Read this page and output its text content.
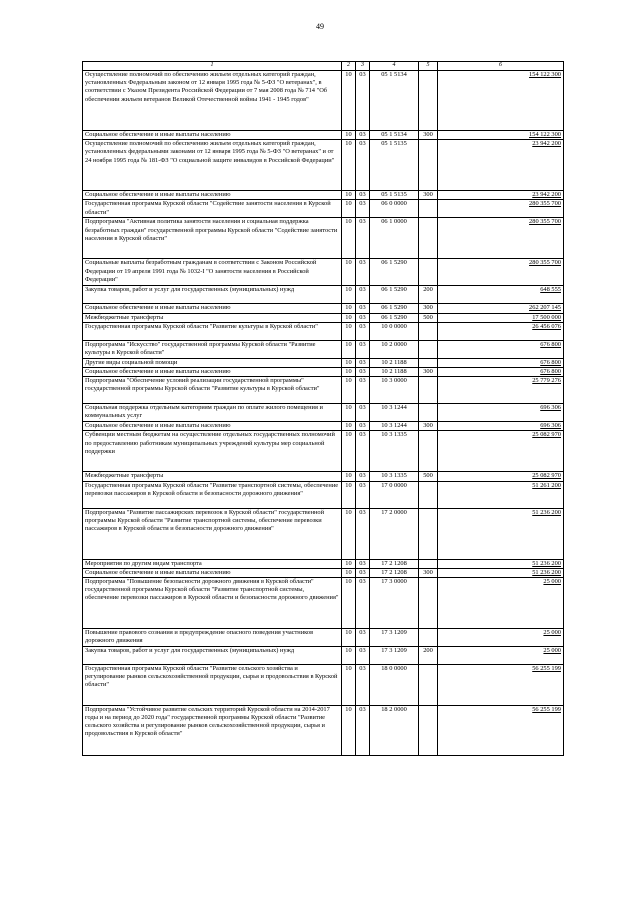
49
1	2	3	4	5	6
Осуществление полномочий по обеспечению жильем отдельных категорий граждан, установленных Федеральным законом от 12 января 1995 года № 5-ФЗ "О ветеранах", в соответствии с Указом Президента Российской Федерации от 7 мая 2008 года № 714 "Об обеспечении жильем ветеранов Великой Отечественной войны 1941 - 1945 годов"	10	03	05 1 5134		154 122 300
Социальное обеспечение и иные выплаты населению	10	03	05 1 5134	300	154 122 300
Осуществление полномочий по обеспечению жильем отдельных категорий граждан, установленных федеральными законами от 12 января 1995 года № 5-ФЗ "О ветеранах" и от 24 ноября 1995 года № 181-ФЗ "О социальной защите инвалидов в Российской Федерации"	10	03	05 1 5135		23 942 200
Социальное обеспечение и иные выплаты населению	10	03	05 1 5135	300	23 942 200
Государственная программа Курской области "Содействие занятости населения в Курской области"	10	03	06 0 0000		280 355 700
Подпрограмма "Активная политика занятости населения и социальная поддержка безработных граждан" государственной программы Курской области "Содействие занятости населения в Курской области"	10	03	06 1 0000		280 355 700
Социальные выплаты безработным гражданам в соответствии с Законом Российской Федерации от 19 апреля 1991 года № 1032-I "О занятости населения в Российской Федерации"	10	03	06 1 5290		280 355 700
Закупка товаров, работ и услуг для государственных (муниципальных) нужд	10	03	06 1 5290	200	648 555
Социальное обеспечение и иные выплаты населению	10	03	06 1 5290	300	262 207 145
Межбюджетные трансферты	10	03	06 1 5290	500	17 500 000
Государственная программа Курской области "Развитие культуры в Курской области"	10	03	10 0 0000		26 456 076
Подпрограмма "Искусство" государственной программы Курской области "Развитие культуры в Курской области"	10	03	10 2 0000		676 800
Другие виды социальной помощи	10	03	10 2 1188		676 800
Социальное обеспечение и иные выплаты населению	10	03	10 2 1188	300	676 800
Подпрограмма "Обеспечение условий реализации государственной программы" государственной программы Курской области "Развитие культуры в Курской области"	10	03	10 3 0000		25 779 276
Социальная поддержка отдельным категориям граждан по оплате жилого помещения и коммунальных услуг	10	03	10 3 1244		696 306
Социальное обеспечение и иные выплаты населению	10	03	10 3 1244	300	696 306
Субвенции местным бюджетам на осуществление отдельных государственных полномочий по предоставлению работникам муниципальных учреждений культуры мер социальной поддержки	10	03	10 3 1335		25 082 970
Межбюджетные трансферты	10	03	10 3 1335	500	25 082 970
Государственная программа Курской области "Развитие транспортной системы, обеспечение перевозки пассажиров в Курской области и безопасности дорожного движения"	10	03	17 0 0000		51 261 200
Подпрограмма "Развитие пассажирских перевозок в Курской области" государственной программы Курской области "Развитие транспортной системы, обеспечение перевозки пассажиров в Курской области и безопасности дорожного движения"	10	03	17 2 0000		51 236 200
Мероприятия по другим видам транспорта	10	03	17 2 1208		51 236 200
Социальное обеспечение и иные выплаты населению	10	03	17 2 1208	300	51 236 200
Подпрограмма "Повышение безопасности дорожного движения в Курской области" государственной программы Курской области "Развитие транспортной системы, обеспечение перевозки пассажиров в Курской области и безопасности дорожного движения"	10	03	17 3 0000		25 000
Повышение правового сознания и предупреждение опасного поведения участников дорожного движения	10	03	17 3 1209		25 000
Закупка товаров, работ и услуг для государственных (муниципальных) нужд	10	03	17 3 1209	200	25 000
Государственная программа Курской области "Развитие сельского хозяйства и регулирование рынков сельскохозяйственной продукции, сырья и продовольствия в Курской области"	10	03	18 0 0000		56 255 199
Подпрограмма "Устойчивое развитие сельских территорий Курской области на 2014-2017 годы и на период до 2020 года" государственной программы Курской области "Развитие сельского хозяйства и регулирование рынков сельскохозяйственной продукции, сырья и продовольствия в Курской области"	10	03	18 2 0000		56 255 199
